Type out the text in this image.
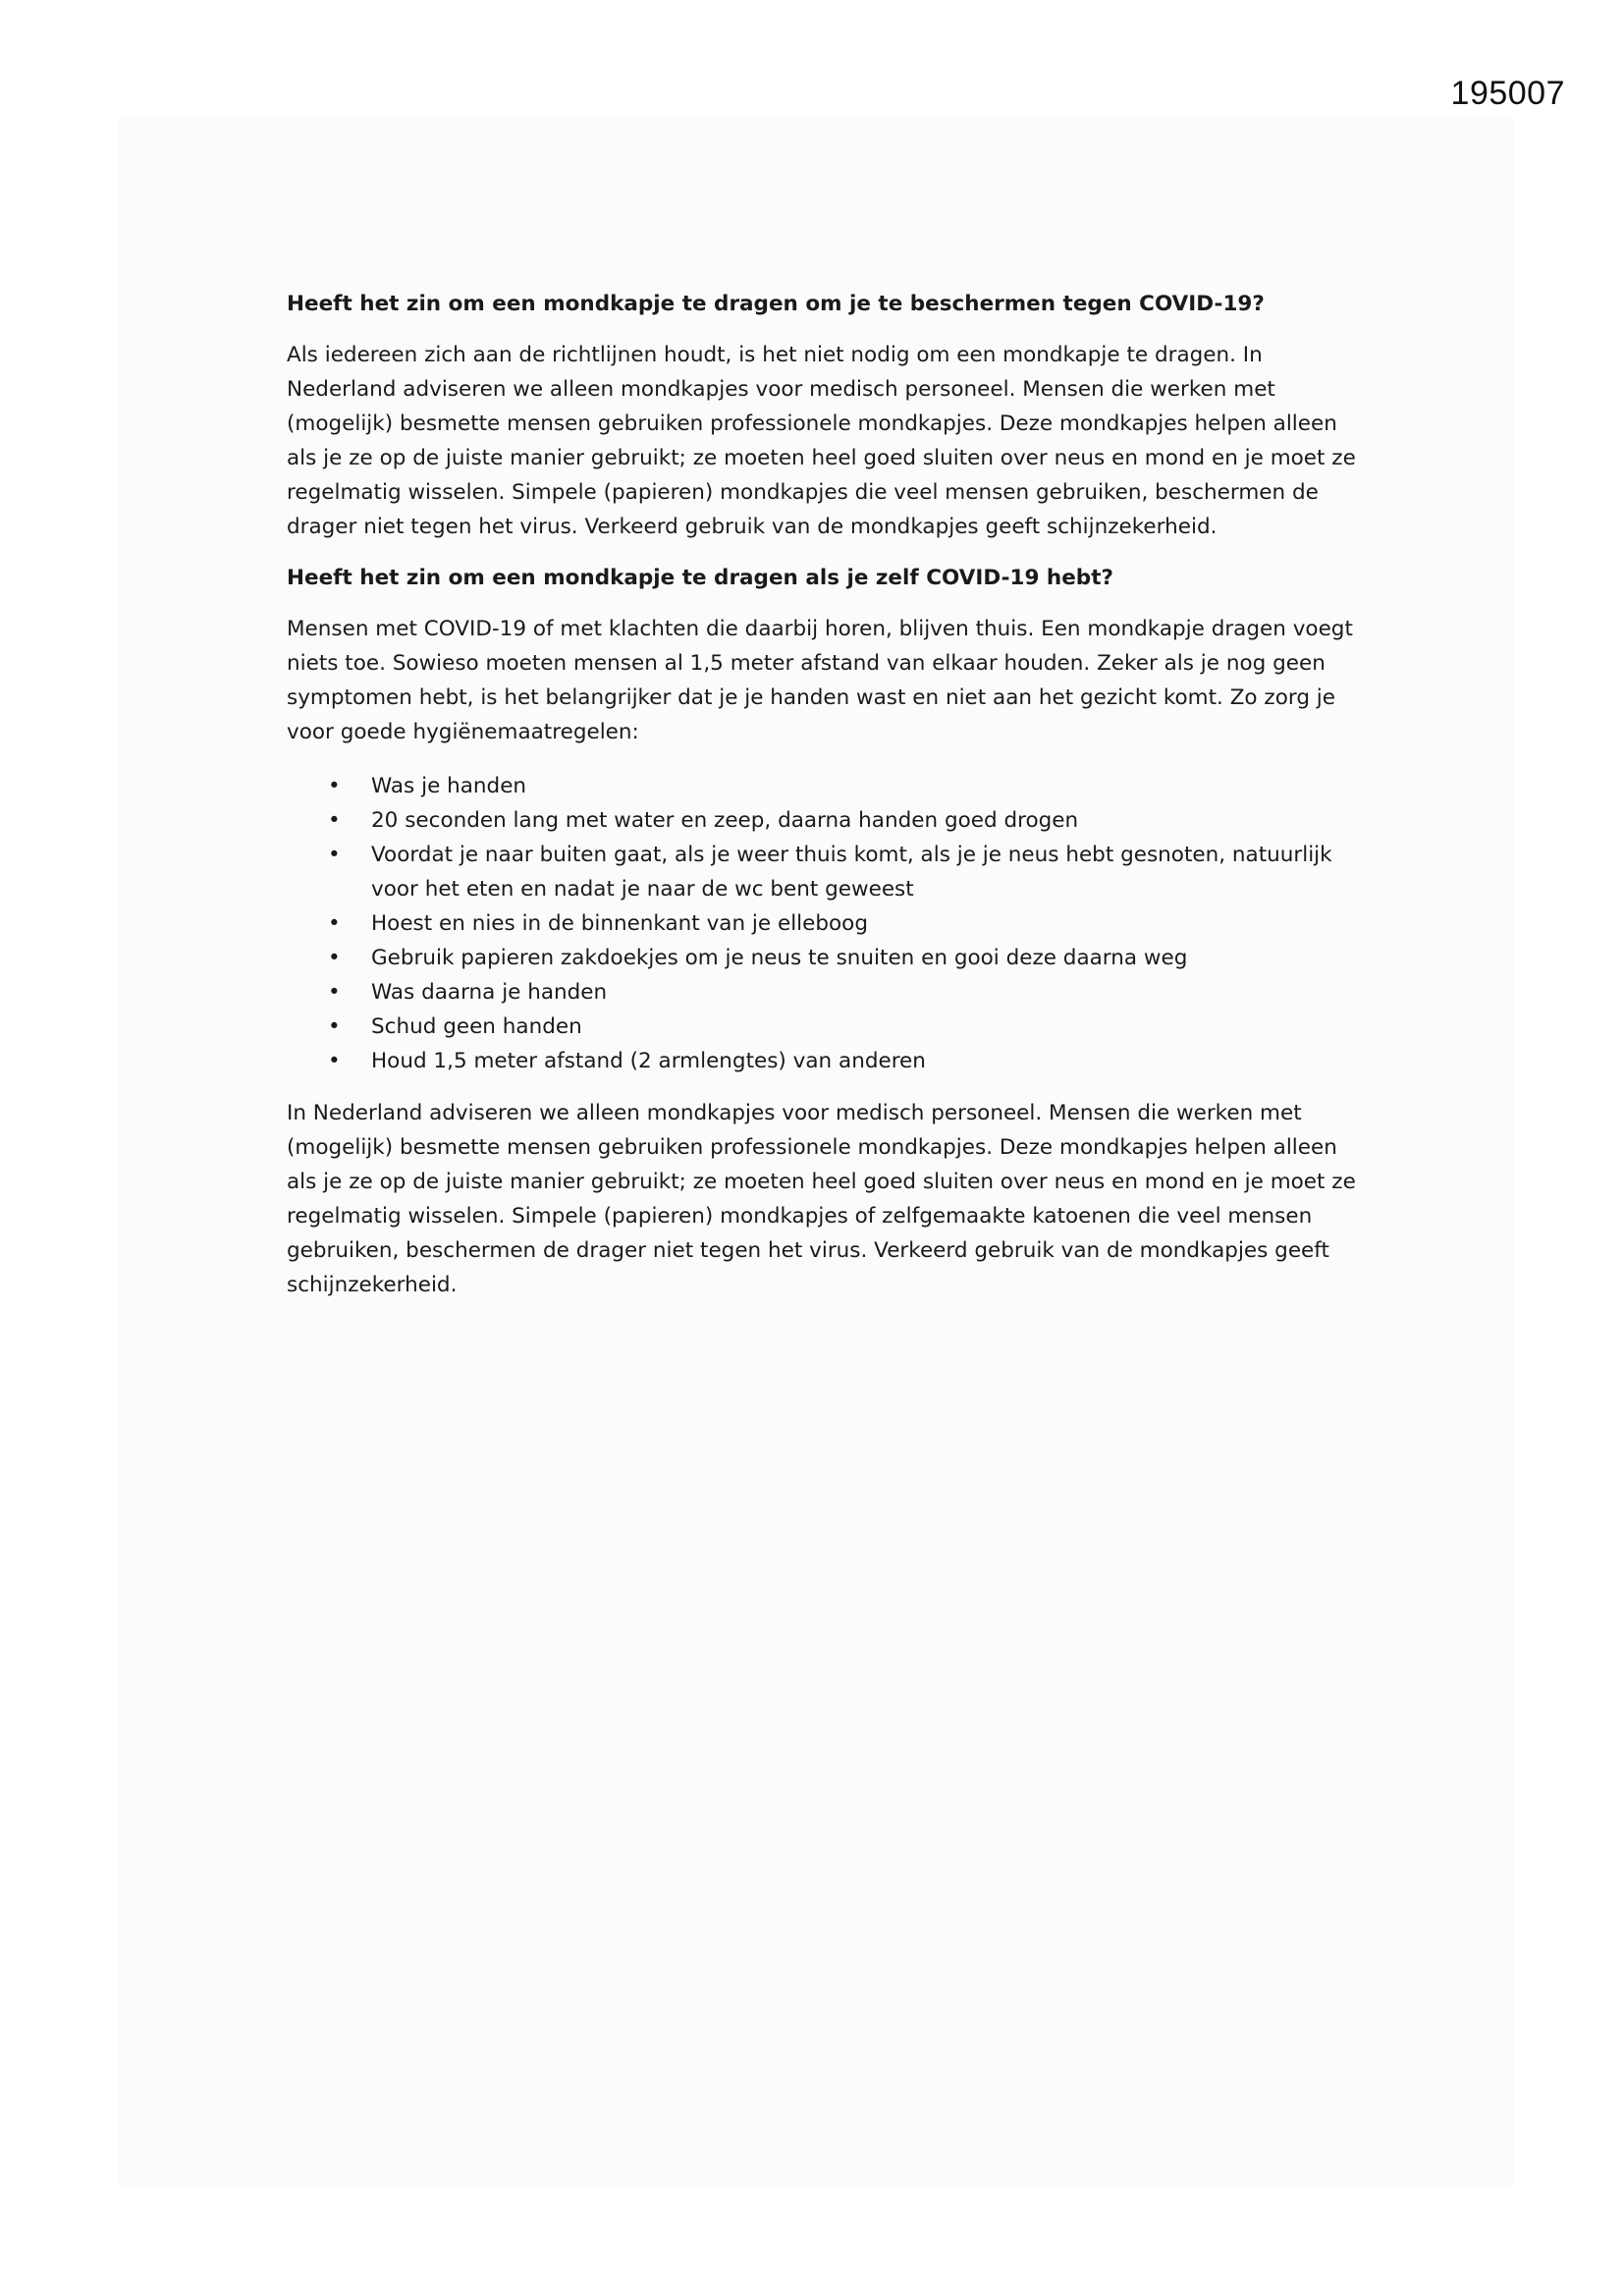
195007
Heeft het zin om een mondkapje te dragen om je te beschermen tegen COVID-19?
Als iedereen zich aan de richtlijnen houdt, is het niet nodig om een mondkapje te dragen. In
Nederland adviseren we alleen mondkapjes voor medisch personeel. Mensen die werken met
(mogelijk) besmette mensen gebruiken professionele mondkapjes. Deze mondkapjes helpen alleen
als je ze op de juiste manier gebruikt; ze moeten heel goed sluiten over neus en mond en je moet ze
regelmatig wisselen. Simpele (papieren) mondkapjes die veel mensen gebruiken, beschermen de
drager niet tegen het virus. Verkeerd gebruik van de mondkapjes geeft schijnzekerheid.
Heeft het zin om een mondkapje te dragen als je zelf COVID-19 hebt?
Mensen met COVID-19 of met klachten die daarbij horen, blijven thuis. Een mondkapje dragen voegt
niets toe. Sowieso moeten mensen al 1,5 meter afstand van elkaar houden. Zeker als je nog geen
symptomen hebt, is het belangrijker dat je je handen wast en niet aan het gezicht komt. Zo zorg je
voor goede hygiënemaatregelen:
• Was je handen
• 20 seconden lang met water en zeep, daarna handen goed drogen
• Voordat je naar buiten gaat, als je weer thuis komt, als je je neus hebt gesnoten, natuurlijk
voor het eten en nadat je naar de wc bent geweest
• Hoest en nies in de binnenkant van je elleboog
• Gebruik papieren zakdoekjes om je neus te snuiten en gooi deze daarna weg
• Was daarna je handen
• Schud geen handen
• Houd 1,5 meter afstand (2 armlengtes) van anderen
In Nederland adviseren we alleen mondkapjes voor medisch personeel. Mensen die werken met
(mogelijk) besmette mensen gebruiken professionele mondkapjes. Deze mondkapjes helpen alleen
als je ze op de juiste manier gebruikt; ze moeten heel goed sluiten over neus en mond en je moet ze
regelmatig wisselen. Simpele (papieren) mondkapjes of zelfgemaakte katoenen die veel mensen
gebruiken, beschermen de drager niet tegen het virus. Verkeerd gebruik van de mondkapjes geeft
schijnzekerheid.
